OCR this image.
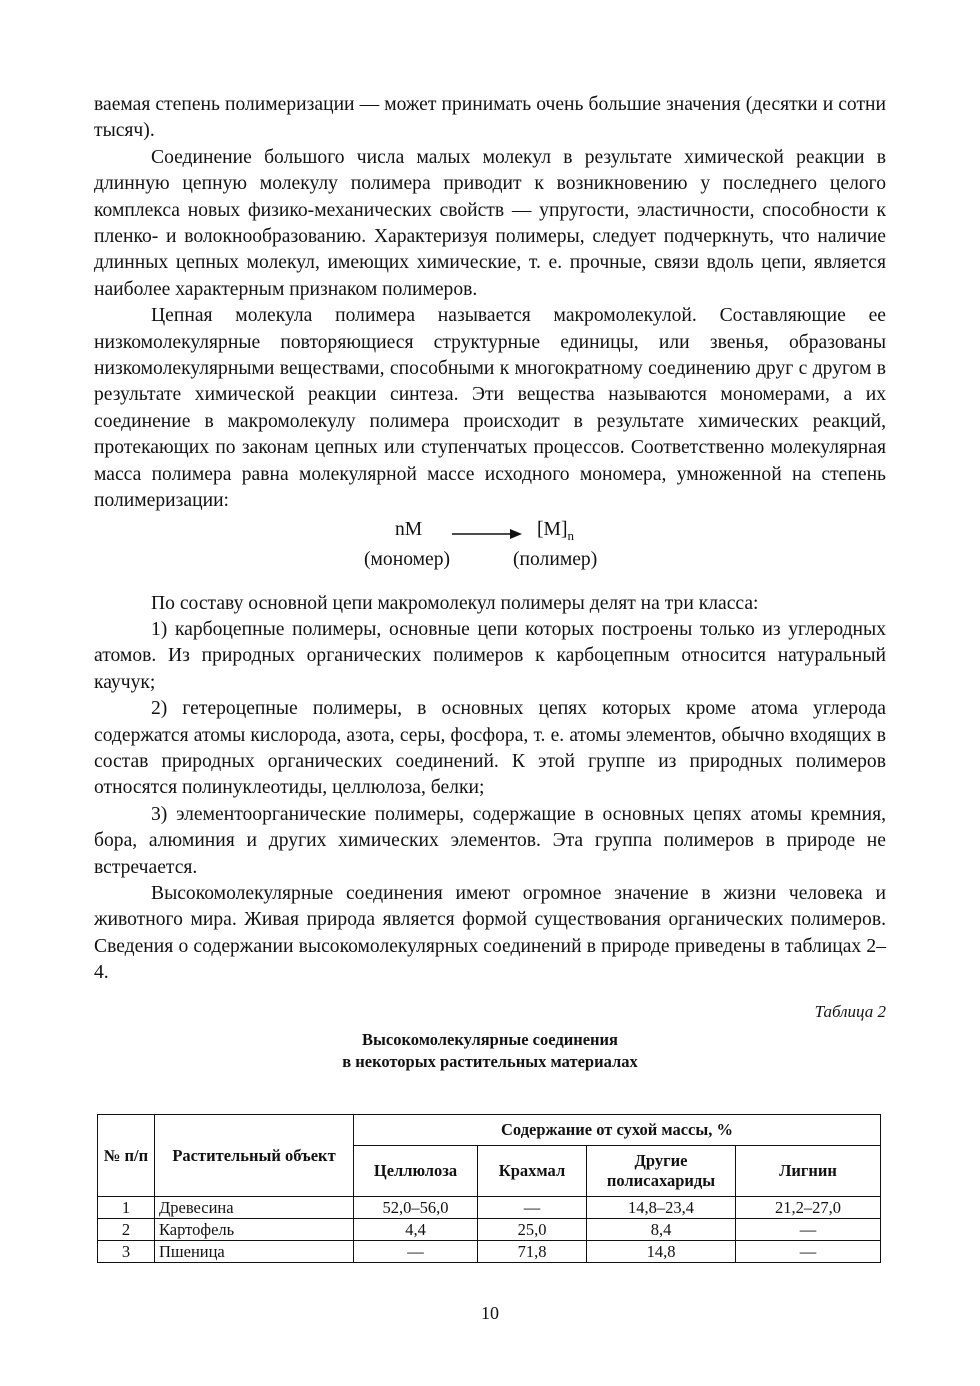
ваемая степень полимеризации — может принимать очень большие значения (десятки и сотни тысяч).

Соединение большого числа малых молекул в результате химической реакции в длинную цепную молекулу полимера приводит к возникновению у последнего целого комплекса новых физико-механических свойств — упругости, эластичности, способности к пленко- и волокнообразованию. Характеризуя полимеры, следует подчеркнуть, что наличие длинных цепных молекул, имеющих химические, т. е. прочные, связи вдоль цепи, является наиболее характерным признаком полимеров.

Цепная молекула полимера называется макромолекулой. Составляющие ее низкомолекулярные повторяющиеся структурные единицы, или звенья, образованы низкомолекулярными веществами, способными к многократному соединению друг с другом в результате химической реакции синтеза. Эти вещества называются мономерами, а их соединение в макромолекулу полимера происходит в результате химических реакций, протекающих по законам цепных или ступенчатых процессов. Соответственно молекулярная масса полимера равна молекулярной массе исходного мономера, умноженной на степень полимеризации:

nM → $[M]_n$
(мономер)	(полимер)

По составу основной цепи макромолекул полимеры делят на три класса:

1) карбоцепные полимеры, основные цепи которых построены только из углеродных атомов. Из природных органических полимеров к карбоцепным относится натуральный каучук;

2) гетероцепные полимеры, в основных цепях которых кроме атома углерода содержатся атомы кислорода, азота, серы, фосфора, т. е. атомы элементов, обычно входящих в состав природных органических соединений. К этой группе из природных полимеров относятся полинуклеотиды, целлюлоза, белки;

3) элементоорганические полимеры, содержащие в основных цепях атомы кремния, бора, алюминия и других химических элементов. Эта группа полимеров в природе не встречается.

Высокомолекулярные соединения имеют огромное значение в жизни человека и животного мира. Живая природа является формой существования органических полимеров. Сведения о содержании высокомолекулярных соединений в природе приведены в таблицах 2–4.

Таблица 2
Высокомолекулярные соединения
в некоторых растительных материалах
№ п/п	Растительный объект	Содержание от сухой массы, %			
		Целлюлоза	Крахмал	Другие полисахариды	Лигнин
1	Древесина	52,0–56,0	—	14,8–23,4	21,2–27,0
2	Картофель	4,4	25,0	8,4	—
3	Пшеница	—	71,8	14,8	—
10
